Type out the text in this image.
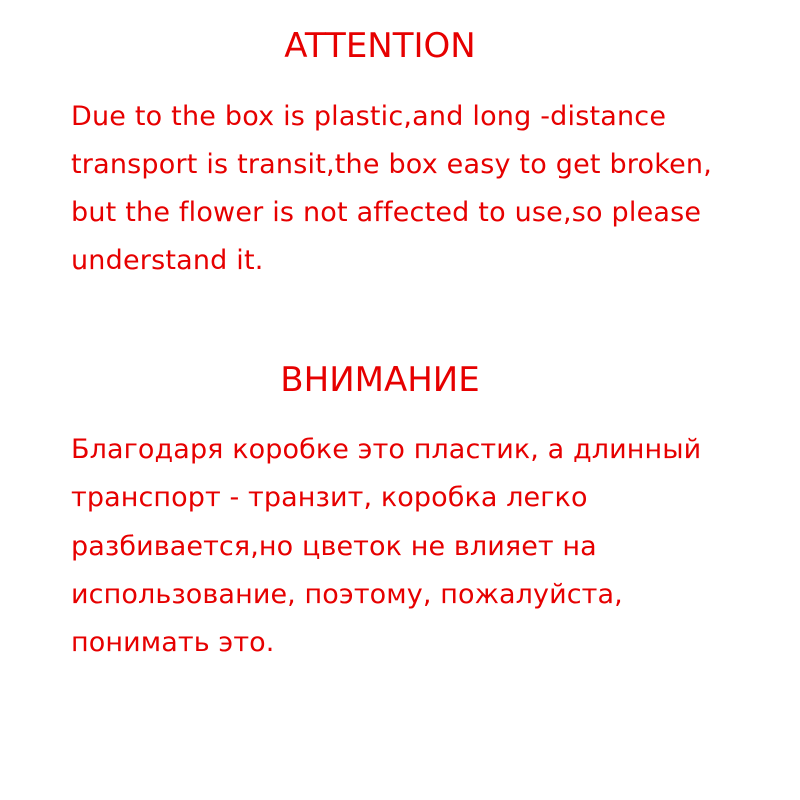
ATTENTION

Due to the box is plastic,and long -distance

transport is transit,the box easy to get broken,

but the flower is not affected to use,so please

understand it.

ВНИМАНИЕ

Благодаря коробке это пластик, а длинный

транспорт - транзит, коробка легко

разбивается,но цветок не влияет на

использование, поэтому, пожалуйста,

понимать это.
